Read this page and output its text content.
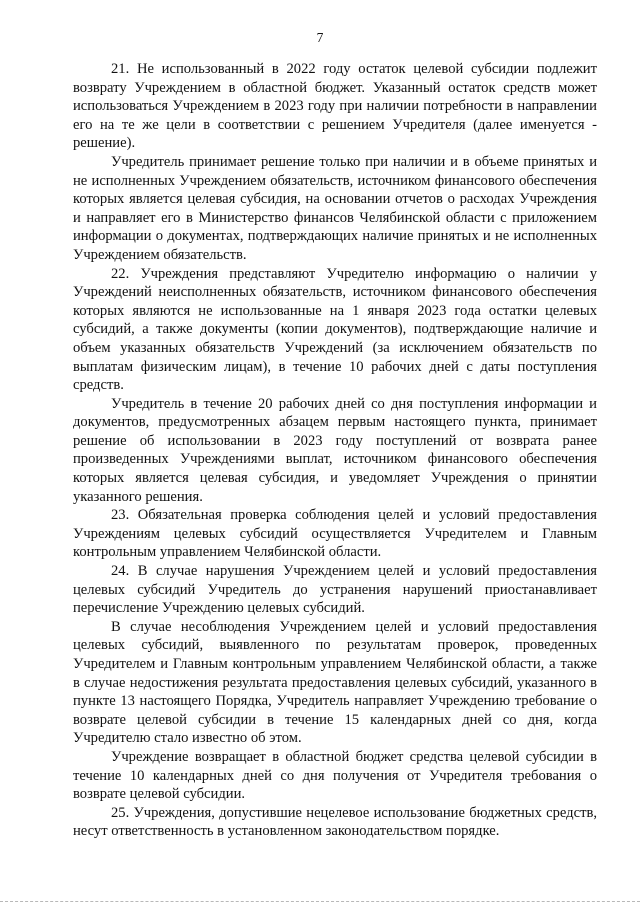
7

21. Не использованный в 2022 году остаток целевой субсидии подлежит возврату Учреждением в областной бюджет. Указанный остаток средств может использоваться Учреждением в 2023 году при наличии потребности в направлении его на те же цели в соответствии с решением Учредителя (далее именуется - решение).

Учредитель принимает решение только при наличии и в объеме принятых и не исполненных Учреждением обязательств, источником финансового обеспечения которых является целевая субсидия, на основании отчетов о расходах Учреждения и направляет его в Министерство финансов Челябинской области с приложением информации о документах, подтверждающих наличие принятых и не исполненных Учреждением обязательств.

22. Учреждения представляют Учредителю информацию о наличии у Учреждений неисполненных обязательств, источником финансового обеспечения которых являются не использованные на 1 января 2023 года остатки целевых субсидий, а также документы (копии документов), подтверждающие наличие и объем указанных обязательств Учреждений (за исключением обязательств по выплатам физическим лицам), в течение 10 рабочих дней с даты поступления средств.

Учредитель в течение 20 рабочих дней со дня поступления информации и документов, предусмотренных абзацем первым настоящего пункта, принимает решение об использовании в 2023 году поступлений от возврата ранее произведенных Учреждениями выплат, источником финансового обеспечения которых является целевая субсидия, и уведомляет Учреждения о принятии указанного решения.

23. Обязательная проверка соблюдения целей и условий предоставления Учреждениям целевых субсидий осуществляется Учредителем и Главным контрольным управлением Челябинской области.

24. В случае нарушения Учреждением целей и условий предоставления целевых субсидий Учредитель до устранения нарушений приостанавливает перечисление Учреждению целевых субсидий.

В случае несоблюдения Учреждением целей и условий предоставления целевых субсидий, выявленного по результатам проверок, проведенных Учредителем и Главным контрольным управлением Челябинской области, а также в случае недостижения результата предоставления целевых субсидий, указанного в пункте 13 настоящего Порядка, Учредитель направляет Учреждению требование о возврате целевой субсидии в течение 15 календарных дней со дня, когда Учредителю стало известно об этом.

Учреждение возвращает в областной бюджет средства целевой субсидии в течение 10 календарных дней со дня получения от Учредителя требования о возврате целевой субсидии.

25. Учреждения, допустившие нецелевое использование бюджетных средств, несут ответственность в установленном законодательством порядке.
